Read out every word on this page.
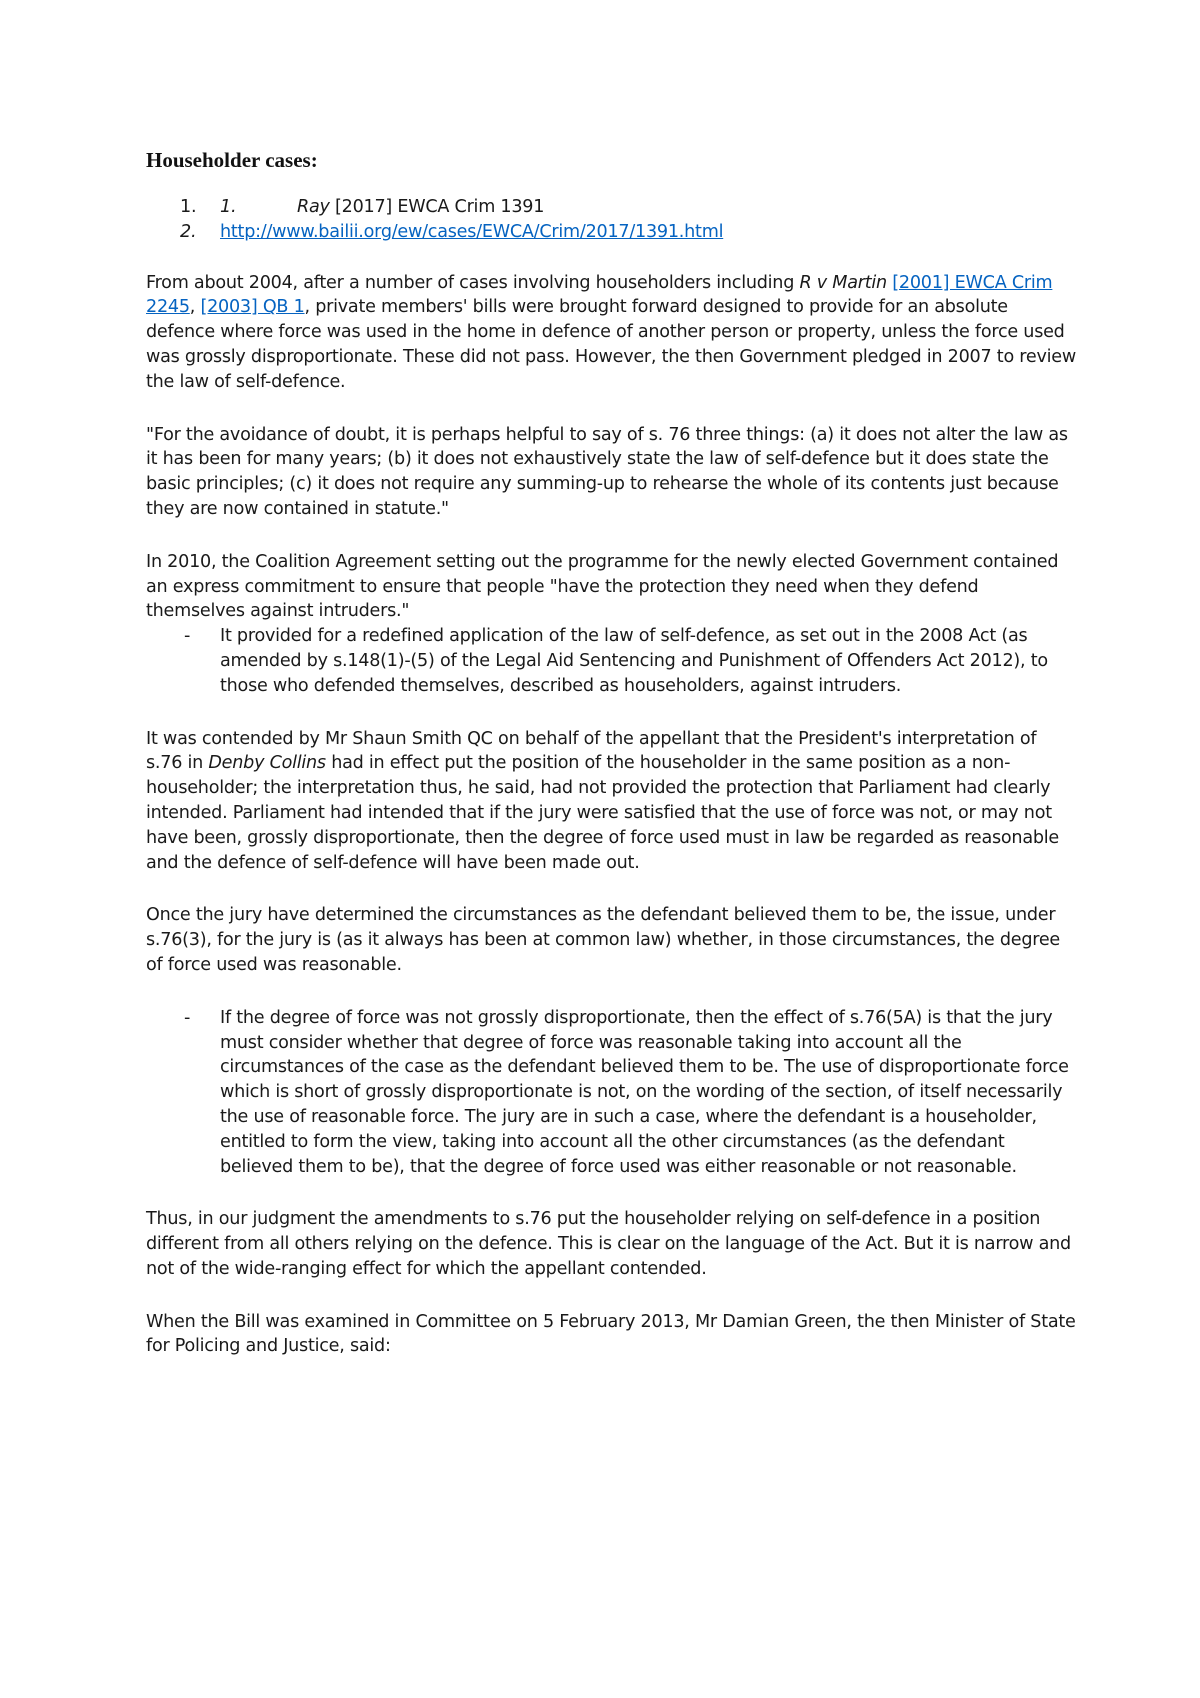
Householder cases:
1. 1.	Ray [2017] EWCA Crim 1391
2. http://www.bailii.org/ew/cases/EWCA/Crim/2017/1391.html

From about 2004, after a number of cases involving householders including R v Martin [2001] EWCA Crim 2245, [2003] QB 1, private members' bills were brought forward designed to provide for an absolute defence where force was used in the home in defence of another person or property, unless the force used was grossly disproportionate. These did not pass. However, the then Government pledged in 2007 to review the law of self-defence.

"For the avoidance of doubt, it is perhaps helpful to say of s. 76 three things: (a) it does not alter the law as it has been for many years; (b) it does not exhaustively state the law of self-defence but it does state the basic principles; (c) it does not require any summing-up to rehearse the whole of its contents just because they are now contained in statute."

In 2010, the Coalition Agreement setting out the programme for the newly elected Government contained an express commitment to ensure that people "have the protection they need when they defend themselves against intruders."

- It provided for a redefined application of the law of self-defence, as set out in the 2008 Act (as amended by s.148(1)-(5) of the Legal Aid Sentencing and Punishment of Offenders Act 2012), to those who defended themselves, described as householders, against intruders.

It was contended by Mr Shaun Smith QC on behalf of the appellant that the President's interpretation of s.76 in Denby Collins had in effect put the position of the householder in the same position as a non-householder; the interpretation thus, he said, had not provided the protection that Parliament had clearly intended. Parliament had intended that if the jury were satisfied that the use of force was not, or may not have been, grossly disproportionate, then the degree of force used must in law be regarded as reasonable and the defence of self-defence will have been made out.

Once the jury have determined the circumstances as the defendant believed them to be, the issue, under s.76(3), for the jury is (as it always has been at common law) whether, in those circumstances, the degree of force used was reasonable.

- If the degree of force was not grossly disproportionate, then the effect of s.76(5A) is that the jury must consider whether that degree of force was reasonable taking into account all the circumstances of the case as the defendant believed them to be. The use of disproportionate force which is short of grossly disproportionate is not, on the wording of the section, of itself necessarily the use of reasonable force. The jury are in such a case, where the defendant is a householder, entitled to form the view, taking into account all the other circumstances (as the defendant believed them to be), that the degree of force used was either reasonable or not reasonable.

Thus, in our judgment the amendments to s.76 put the householder relying on self-defence in a position different from all others relying on the defence. This is clear on the language of the Act. But it is narrow and not of the wide-ranging effect for which the appellant contended.

When the Bill was examined in Committee on 5 February 2013, Mr Damian Green, the then Minister of State for Policing and Justice, said:
